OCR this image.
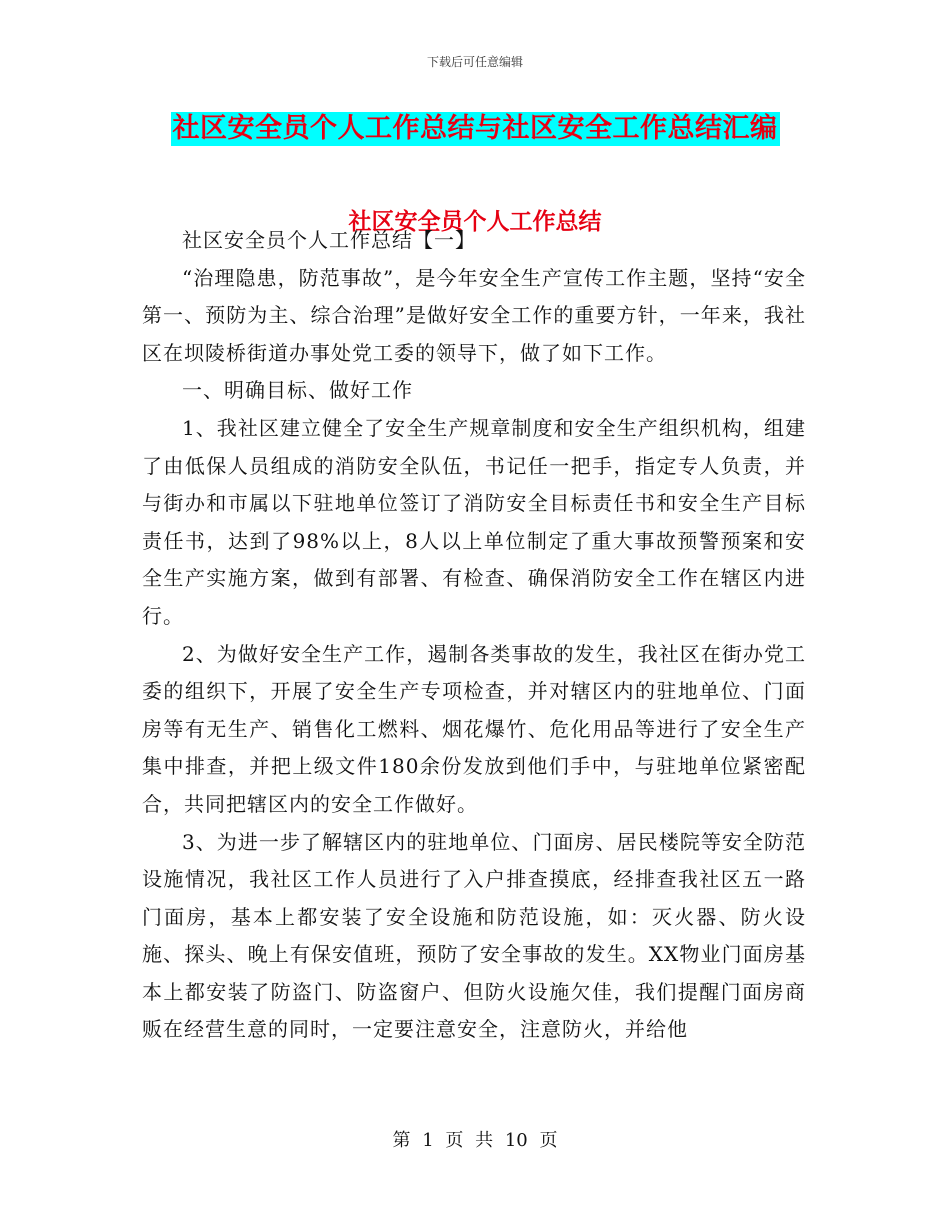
下载后可任意编辑
社区安全员个人工作总结与社区安全工作总结汇编
社区安全员个人工作总结

社区安全员个人工作总结【一】

“治理隐患，防范事故”，是今年安全生产宣传工作主题，坚持“安全第一、预防为主、综合治理”是做好安全工作的重要方针，一年来，我社区在坝陵桥街道办事处党工委的领导下，做了如下工作。

一、明确目标、做好工作

1、我社区建立健全了安全生产规章制度和安全生产组织机构，组建了由低保人员组成的消防安全队伍，书记任一把手，指定专人负责，并与街办和市属以下驻地单位签订了消防安全目标责任书和安全生产目标责任书，达到了98%以上，8人以上单位制定了重大事故预警预案和安全生产实施方案，做到有部署、有检查、确保消防安全工作在辖区内进行。

2、为做好安全生产工作，遏制各类事故的发生，我社区在街办党工委的组织下，开展了安全生产专项检查，并对辖区内的驻地单位、门面房等有无生产、销售化工燃料、烟花爆竹、危化用品等进行了安全生产集中排查，并把上级文件180余份发放到他们手中，与驻地单位紧密配合，共同把辖区内的安全工作做好。

3、为进一步了解辖区内的驻地单位、门面房、居民楼院等安全防范设施情况，我社区工作人员进行了入户排查摸底，经排查我社区五一路门面房，基本上都安装了安全设施和防范设施，如：灭火器、防火设施、探头、晚上有保安值班，预防了安全事故的发生。XX物业门面房基本上都安装了防盗门、防盗窗户、但防火设施欠佳，我们提醒门面房商贩在经营生意的同时，一定要注意安全，注意防火，并给他

第 1 页 共 10 页
